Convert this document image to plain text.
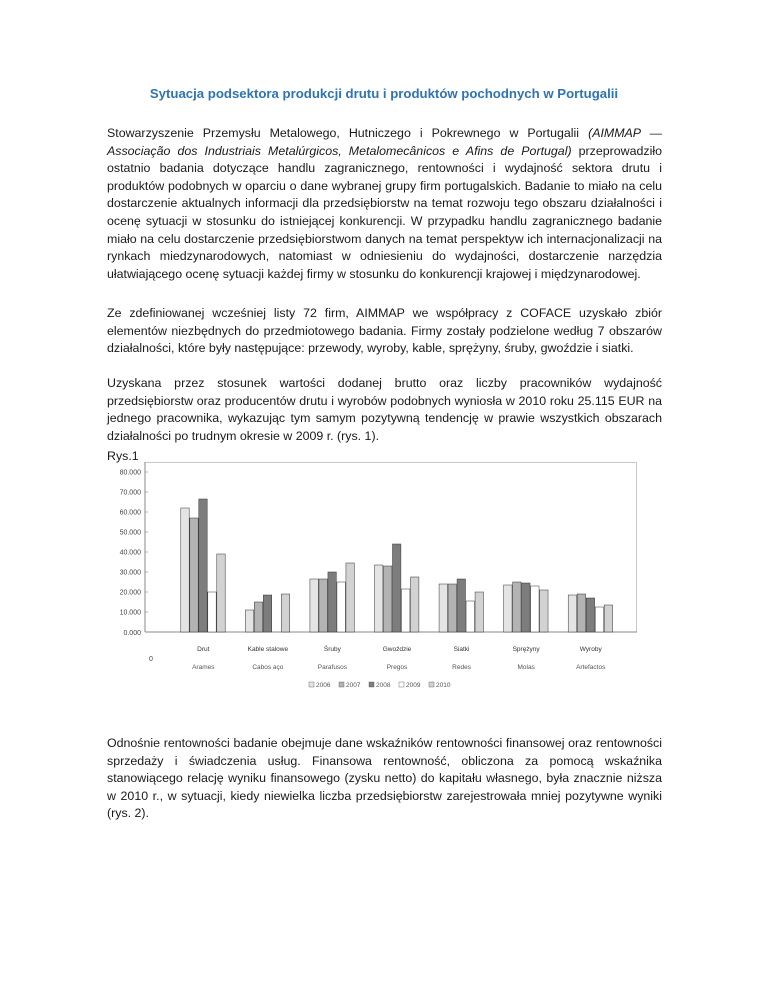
Sytuacja podsektora produkcji drutu i produktów pochodnych w Portugalii

Stowarzyszenie Przemysłu Metalowego, Hutniczego i Pokrewnego w Portugalii (AIMMAP — Associação dos Industriais Metalúrgicos, Metalomecânicos e Afins de Portugal) przeprowadziło ostatnio badania dotyczące handlu zagranicznego, rentowności i wydajność sektora drutu i produktów podobnych w oparciu o dane wybranej grupy firm portugalskich. Badanie to miało na celu dostarczenie aktualnych informacji dla przedsiębiorstw na temat rozwoju tego obszaru działalności i ocenę sytuacji w stosunku do istniejącej konkurencji. W przypadku handlu zagranicznego badanie miało na celu dostarczenie przedsiębiorstwom danych na temat perspektyw ich internacjonalizacji na rynkach miedzynarodowych, natomiast w odniesieniu do wydajności, dostarczenie narzędzia ułatwiającego ocenę sytuacji każdej firmy w stosunku do konkurencji krajowej i międzynarodowej.

Ze zdefiniowanej wcześniej listy 72 firm, AIMMAP we współpracy z COFACE uzyskało zbiór elementów niezbędnych do przedmiotowego badania. Firmy zostały podzielone według 7 obszarów działalności, które były następujące: przewody, wyroby, kable, sprężyny, śruby, gwoździe i siatki.

Uzyskana przez stosunek wartości dodanej brutto oraz liczby pracowników wydajność przedsiębiorstw oraz producentów drutu i wyrobów podobnych wyniosła w 2010 roku 25.115 EUR na jednego pracownika, wykazując tym samym pozytywną tendencję w prawie wszystkich obszarach działalności po trudnym okresie w 2009 r. (rys. 1).

Rys.1

10.000
20.000
30.000
40.000
50.000
60.000
70.000
80.000
0.000
0
Drut
Arames
Kable stalowe
Cabos aço
Śruby
Parafusos
Gwoździe
Pregos
Siatki
Redes
Sprężyny
Molas
Wyroby
Artefactos
2006 2007 2008 2009 2010

Odnośnie rentowności badanie obejmuje dane wskaźników rentowności finansowej oraz rentowności sprzedaży i świadczenia usług. Finansowa rentowność, obliczona za pomocą wskaźnika stanowiącego relację wyniku finansowego (zysku netto) do kapitału własnego, była znacznie niższa w 2010 r., w sytuacji, kiedy niewielka liczba przedsiębiorstw zarejestrowała mniej pozytywne wyniki (rys. 2).
